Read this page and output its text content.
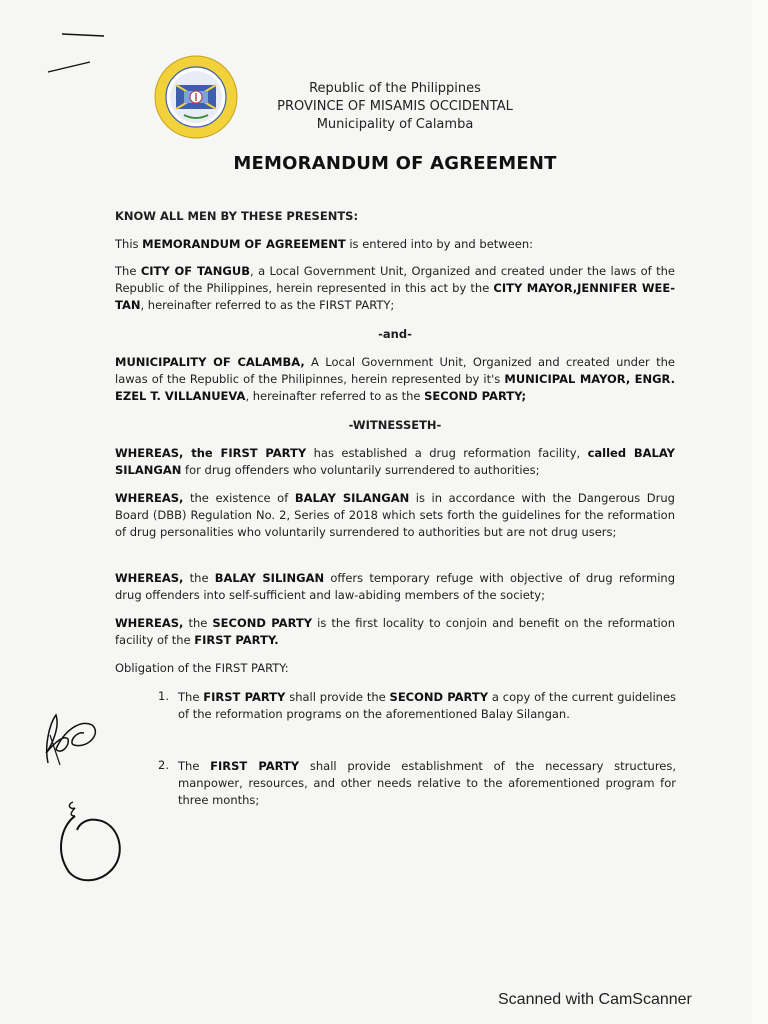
Republic of the Philippines
PROVINCE OF MISAMIS OCCIDENTAL
Municipality of Calamba
MEMORANDUM OF AGREEMENT
KNOW ALL MEN BY THESE PRESENTS:
This MEMORANDUM OF AGREEMENT is entered into by and between:
The CITY OF TANGUB, a Local Government Unit, Organized and created under the laws of the Republic of the Philippines, herein represented in this act by the CITY MAYOR,JENNIFER WEE-TAN, hereinafter referred to as the FIRST PARTY;
-and-
MUNICIPALITY OF CALAMBA, A Local Government Unit, Organized and created under the lawas of the Republic of the Philipinnes, herein represented by it's MUNICIPAL MAYOR, ENGR. EZEL T. VILLANUEVA, hereinafter referred to as the SECOND PARTY;
-WITNESSETH-
WHEREAS, the FIRST PARTY has established a drug reformation facility, called BALAY SILANGAN for drug offenders who voluntarily surrendered to authorities;
WHEREAS, the existence of BALAY SILANGAN is in accordance with the Dangerous Drug Board (DBB) Regulation No. 2, Series of 2018 which sets forth the guidelines for the reformation of drug personalities who voluntarily surrendered to authorities but are not drug users;
WHEREAS, the BALAY SILINGAN offers temporary refuge with objective of drug reforming drug offenders into self-sufficient and law-abiding members of the society;
WHEREAS, the SECOND PARTY is the first locality to conjoin and benefit on the reformation facility of the FIRST PARTY.
Obligation of the FIRST PARTY:
1. The FIRST PARTY shall provide the SECOND PARTY a copy of the current guidelines of the reformation programs on the aforementioned Balay Silangan.
2. The FIRST PARTY shall provide establishment of the necessary structures, manpower, resources, and other needs relative to the aforementioned program for three months;
Scanned with CamScanner
